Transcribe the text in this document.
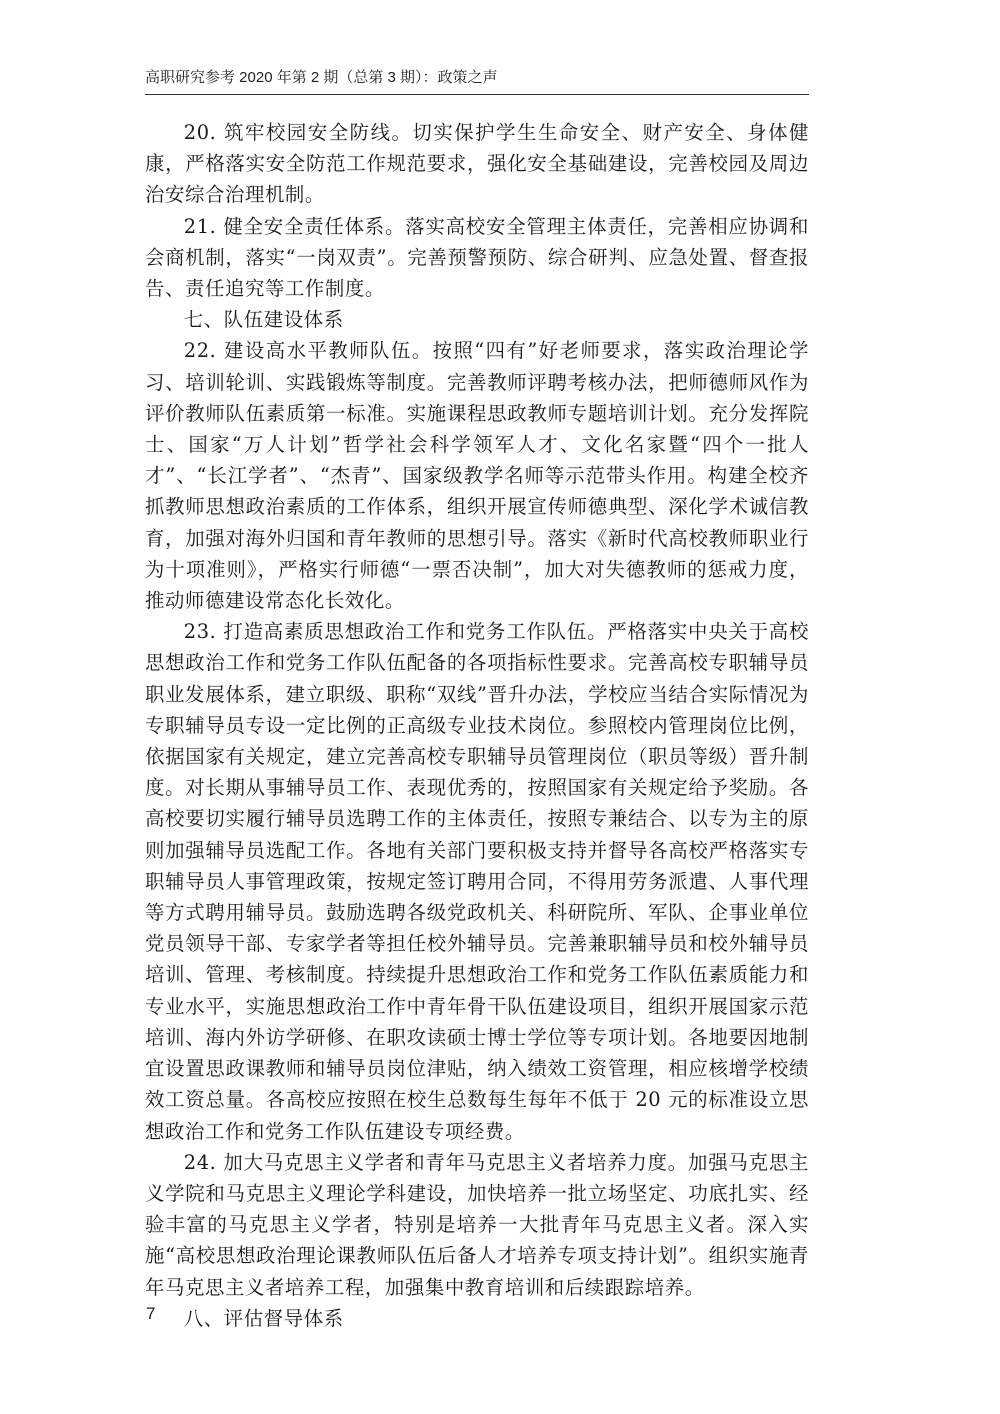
高职研究参考 2020 年第 2 期（总第 3 期）：政策之声

20. 筑牢校园安全防线。切实保护学生生命安全、财产安全、身体健康，严格落实安全防范工作规范要求，强化安全基础建设，完善校园及周边治安综合治理机制。

21. 健全安全责任体系。落实高校安全管理主体责任，完善相应协调和会商机制，落实“一岗双责”。完善预警预防、综合研判、应急处置、督查报告、责任追究等工作制度。

七、队伍建设体系

22. 建设高水平教师队伍。按照“四有”好老师要求，落实政治理论学习、培训轮训、实践锻炼等制度。完善教师评聘考核办法，把师德师风作为评价教师队伍素质第一标准。实施课程思政教师专题培训计划。充分发挥院士、国家“万人计划”哲学社会科学领军人才、文化名家暨“四个一批人才”、“长江学者”、“杰青”、国家级教学名师等示范带头作用。构建全校齐抓教师思想政治素质的工作体系，组织开展宣传师德典型、深化学术诚信教育，加强对海外归国和青年教师的思想引导。落实《新时代高校教师职业行为十项准则》，严格实行师德“一票否决制”，加大对失德教师的惩戒力度，推动师德建设常态化长效化。

23. 打造高素质思想政治工作和党务工作队伍。严格落实中央关于高校思想政治工作和党务工作队伍配备的各项指标性要求。完善高校专职辅导员职业发展体系，建立职级、职称“双线”晋升办法，学校应当结合实际情况为专职辅导员专设一定比例的正高级专业技术岗位。参照校内管理岗位比例，依据国家有关规定，建立完善高校专职辅导员管理岗位（职员等级）晋升制度。对长期从事辅导员工作、表现优秀的，按照国家有关规定给予奖励。各高校要切实履行辅导员选聘工作的主体责任，按照专兼结合、以专为主的原则加强辅导员选配工作。各地有关部门要积极支持并督导各高校严格落实专职辅导员人事管理政策，按规定签订聘用合同，不得用劳务派遣、人事代理等方式聘用辅导员。鼓励选聘各级党政机关、科研院所、军队、企事业单位党员领导干部、专家学者等担任校外辅导员。完善兼职辅导员和校外辅导员培训、管理、考核制度。持续提升思想政治工作和党务工作队伍素质能力和专业水平，实施思想政治工作中青年骨干队伍建设项目，组织开展国家示范培训、海内外访学研修、在职攻读硕士博士学位等专项计划。各地要因地制宜设置思政课教师和辅导员岗位津贴，纳入绩效工资管理，相应核增学校绩效工资总量。各高校应按照在校生总数每生每年不低于 20 元的标准设立思想政治工作和党务工作队伍建设专项经费。

24. 加大马克思主义学者和青年马克思主义者培养力度。加强马克思主义学院和马克思主义理论学科建设，加快培养一批立场坚定、功底扎实、经验丰富的马克思主义学者，特别是培养一大批青年马克思主义者。深入实施“高校思想政治理论课教师队伍后备人才培养专项支持计划”。组织实施青年马克思主义者培养工程，加强集中教育培训和后续跟踪培养。

八、评估督导体系

7
